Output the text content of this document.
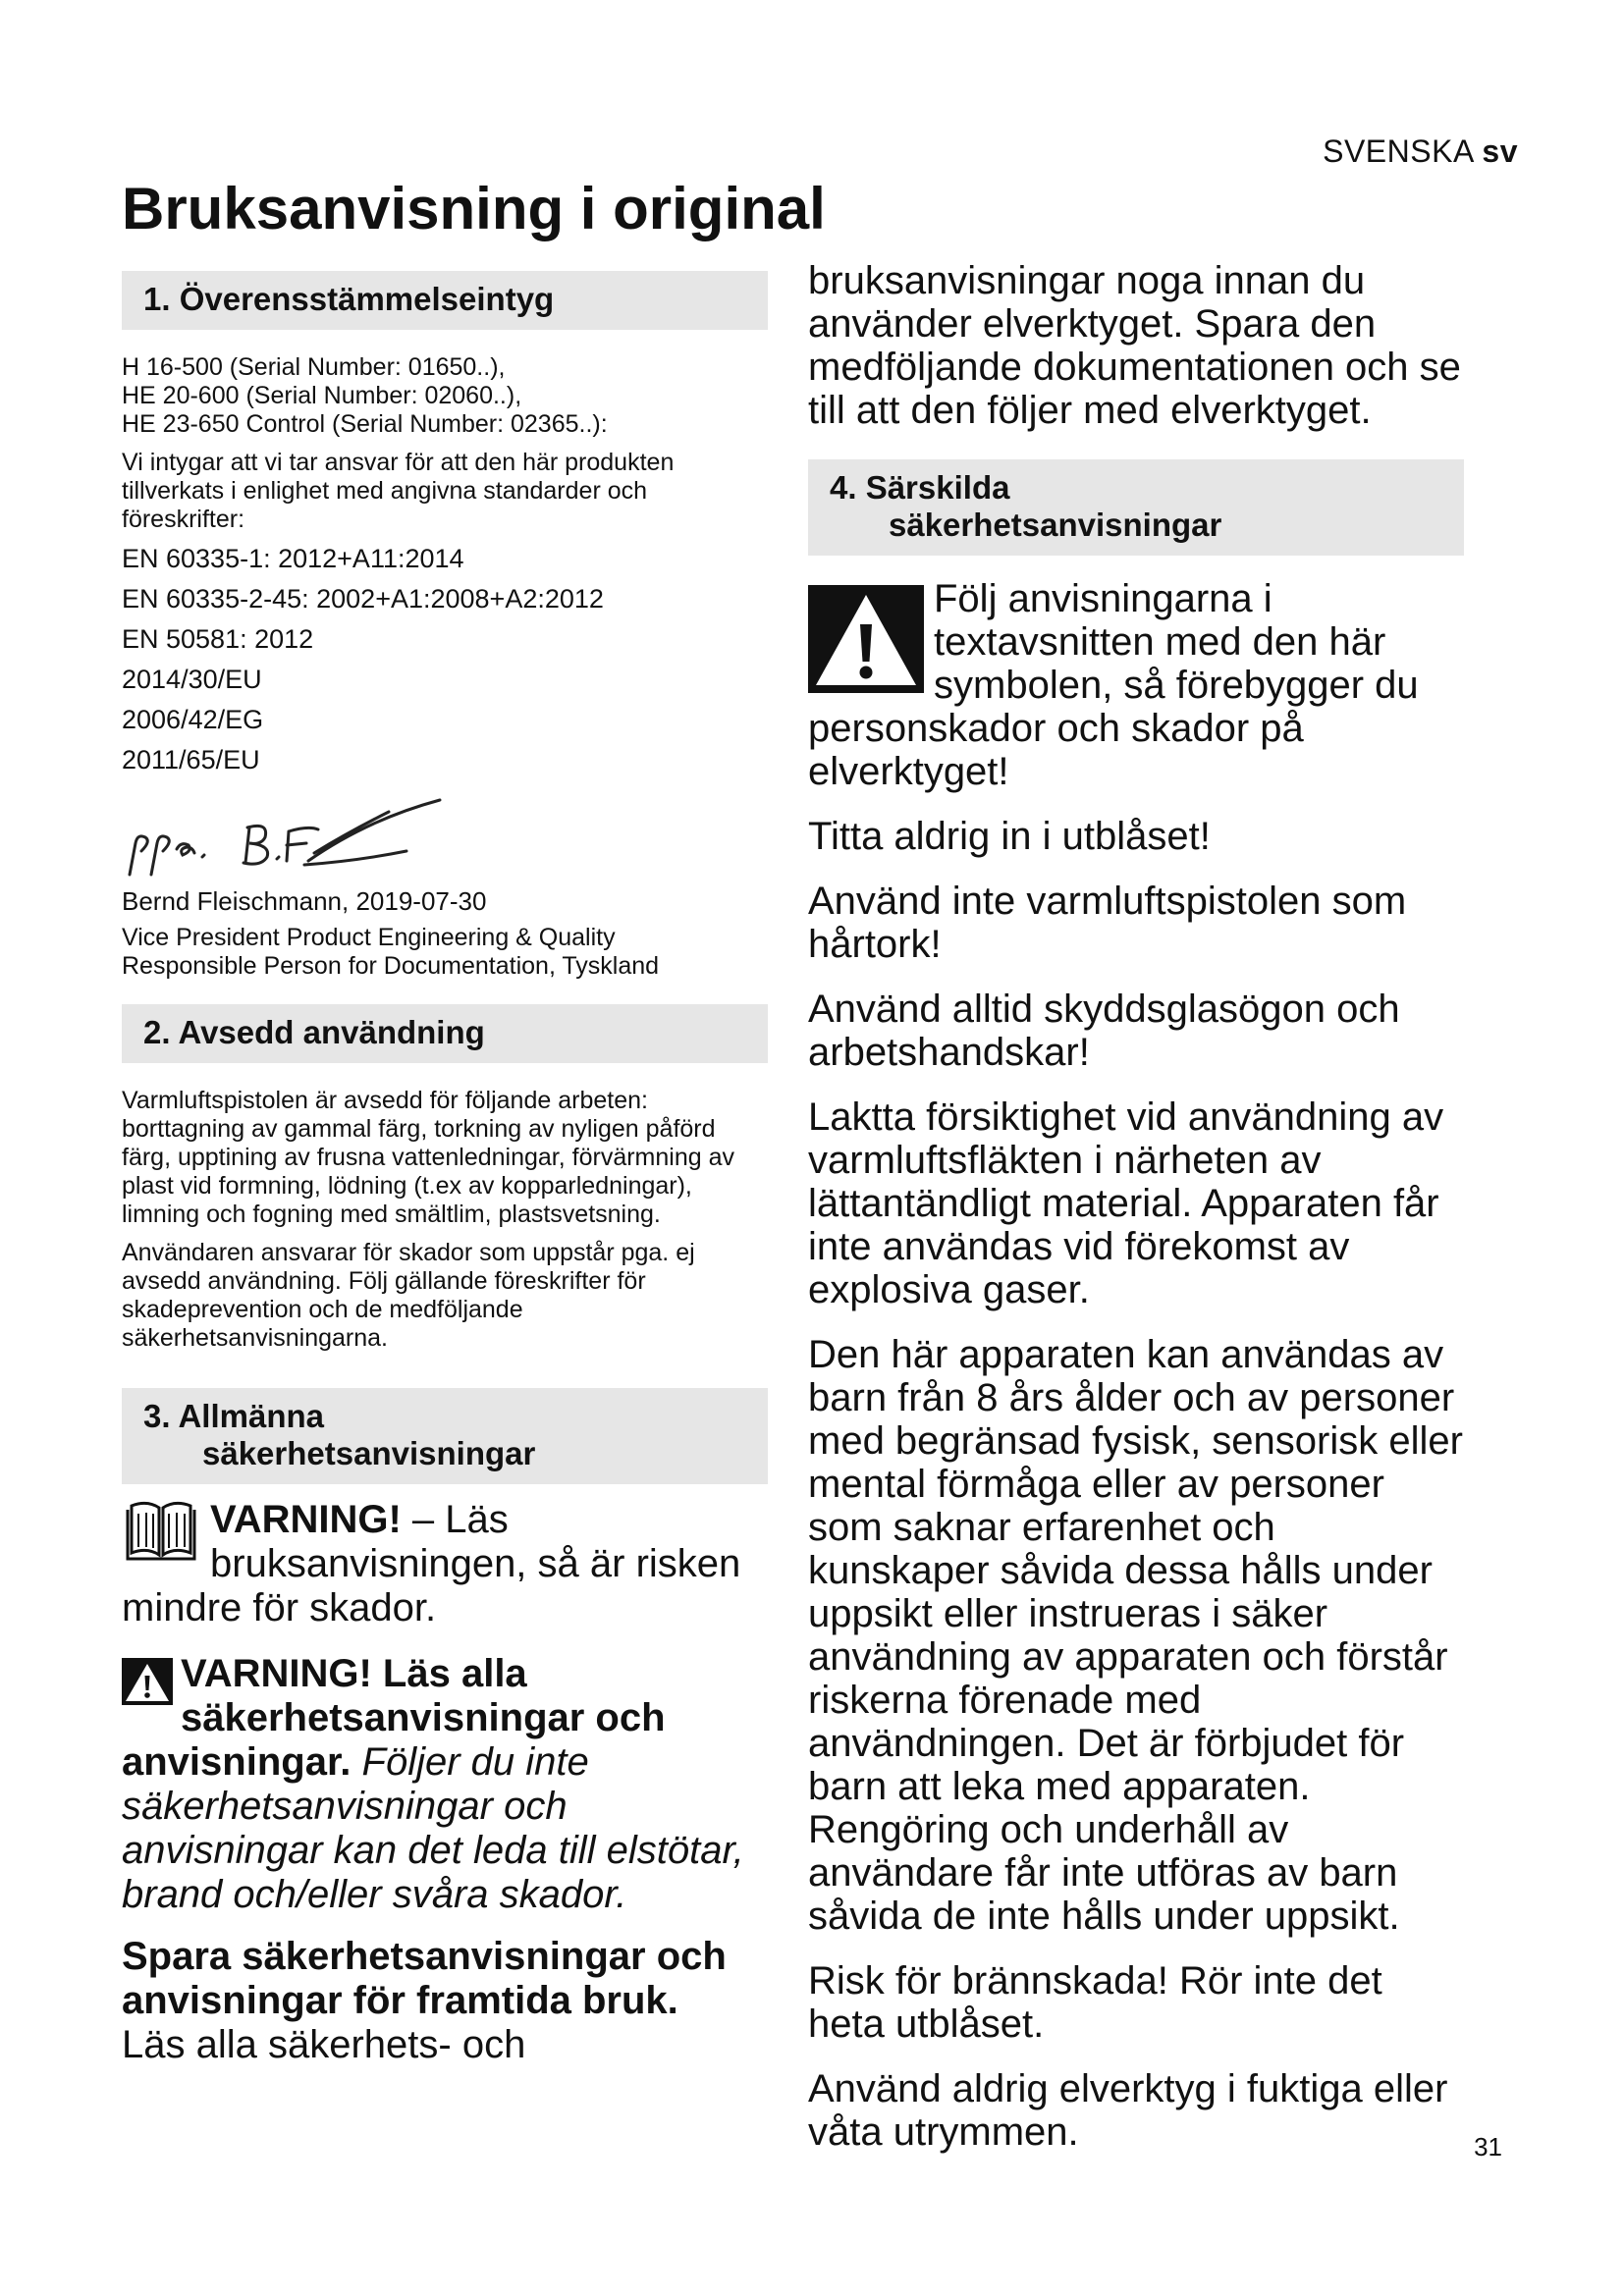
SVENSKA sv
Bruksanvisning i original
1. Överensstämmelseintyg

H 16-500 (Serial Number: 01650..),

HE 20-600 (Serial Number: 02060..),

HE 23-650 Control (Serial Number: 02365..):

Vi intygar att vi tar ansvar för att den här produkten tillverkats i enlighet med angivna standarder och föreskrifter:

EN 60335-1: 2012+A11:2014
EN 60335-2-45: 2002+A1:2008+A2:2012
EN 50581: 2012
2014/30/EU
2006/42/EG
2011/65/EU

Bernd Fleischmann, 2019-07-30

Vice President Product Engineering & Quality

Responsible Person for Documentation, Tyskland

2. Avsedd användning

Varmluftspistolen är avsedd för följande arbeten: borttagning av gammal färg, torkning av nyligen påförd färg, upptining av frusna vattenledningar, förvärmning av plast vid formning, lödning (t.ex av kopparledningar), limning och fogning med smältlim, plastsvetsning.

Användaren ansvarar för skador som uppstår pga. ej avsedd användning. Följ gällande föreskrifter för skadeprevention och de medföljande säkerhetsanvisningarna.

3. Allmänna
säkerhetsanvisningar

VARNING! – Läs bruksanvisningen, så är risken mindre för skador.

VARNING! Läs alla säkerhetsanvisningar och anvisningar. Följer du inte säkerhetsanvisningar och anvisningar kan det leda till elstötar, brand och/eller svåra skador.

Spara säkerhetsanvisningar och anvisningar för framtida bruk.
Läs alla säkerhets- och

bruksanvisningar noga innan du använder elverktyget. Spara den medföljande dokumentationen och se till att den följer med elverktyget.

4. Särskilda
säkerhetsanvisningar

Följ anvisningarna i textavsnitten med den här symbolen, så förebygger du personskador och skador på elverktyget!

Titta aldrig in i utblåset!

Använd inte varmluftspistolen som hårtork!

Använd alltid skyddsglasögon och arbetshandskar!

Laktta försiktighet vid användning av varmluftsfläkten i närheten av lättantändligt material. Apparaten får inte användas vid förekomst av explosiva gaser.

Den här apparaten kan användas av barn från 8 års ålder och av personer med begränsad fysisk, sensorisk eller mental förmåga eller av personer som saknar erfarenhet och kunskaper såvida dessa hålls under uppsikt eller instrueras i säker användning av apparaten och förstår riskerna förenade med användningen. Det är förbjudet för barn att leka med apparaten. Rengöring och underhåll av användare får inte utföras av barn såvida de inte hålls under uppsikt.

Risk för brännskada! Rör inte det heta utblåset.

Använd aldrig elverktyg i fuktiga eller våta utrymmen.	31
